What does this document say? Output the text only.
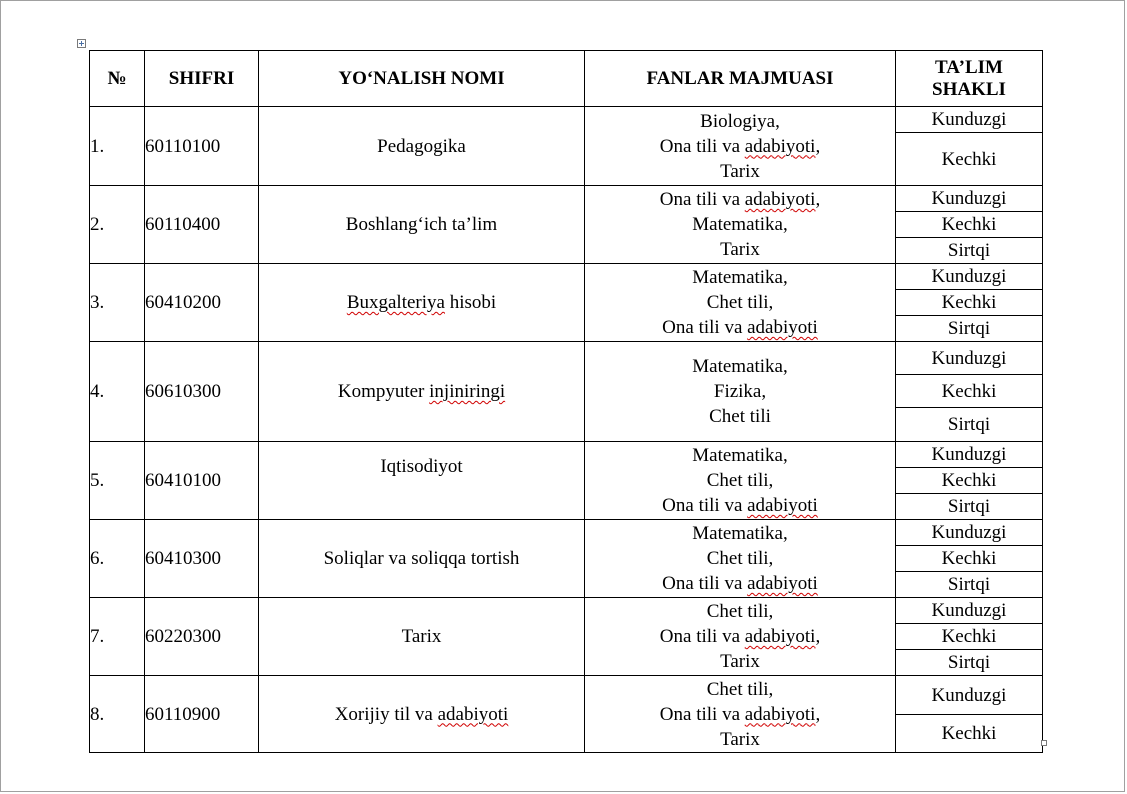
№	SHIFRI	YO‘NALISH NOMI	FANLAR MAJMUASI	TA’LIM
SHAKLI
1.	60110100	Pedagogika	Biologiya,
Ona tili va adabiyoti,
Tarix	Kunduzgi
				Kechki
2.	60110400	Boshlang‘ich ta’lim	Ona tili va adabiyoti,
Matematika,
Tarix	Kunduzgi
				Kechki
				Sirtqi
3.	60410200	Buxgalteriya hisobi	Matematika,
Chet tili,
Ona tili va adabiyoti	Kunduzgi
				Kechki
				Sirtqi
4.	60610300	Kompyuter injiniringi	Matematika,
Fizika,
Chet tili	Kunduzgi
				Kechki
				Sirtqi
5.	60410100	Iqtisodiyot	Matematika,
Chet tili,
Ona tili va adabiyoti	Kunduzgi
				Kechki
				Sirtqi
6.	60410300	Soliqlar va soliqqa tortish	Matematika,
Chet tili,
Ona tili va adabiyoti	Kunduzgi
				Kechki
				Sirtqi
7.	60220300	Tarix	Chet tili,
Ona tili va adabiyoti,
Tarix	Kunduzgi
				Kechki
				Sirtqi
8.	60110900	Xorijiy til va adabiyoti	Chet tili,
Ona tili va adabiyoti,
Tarix	Kunduzgi
				Kechki
